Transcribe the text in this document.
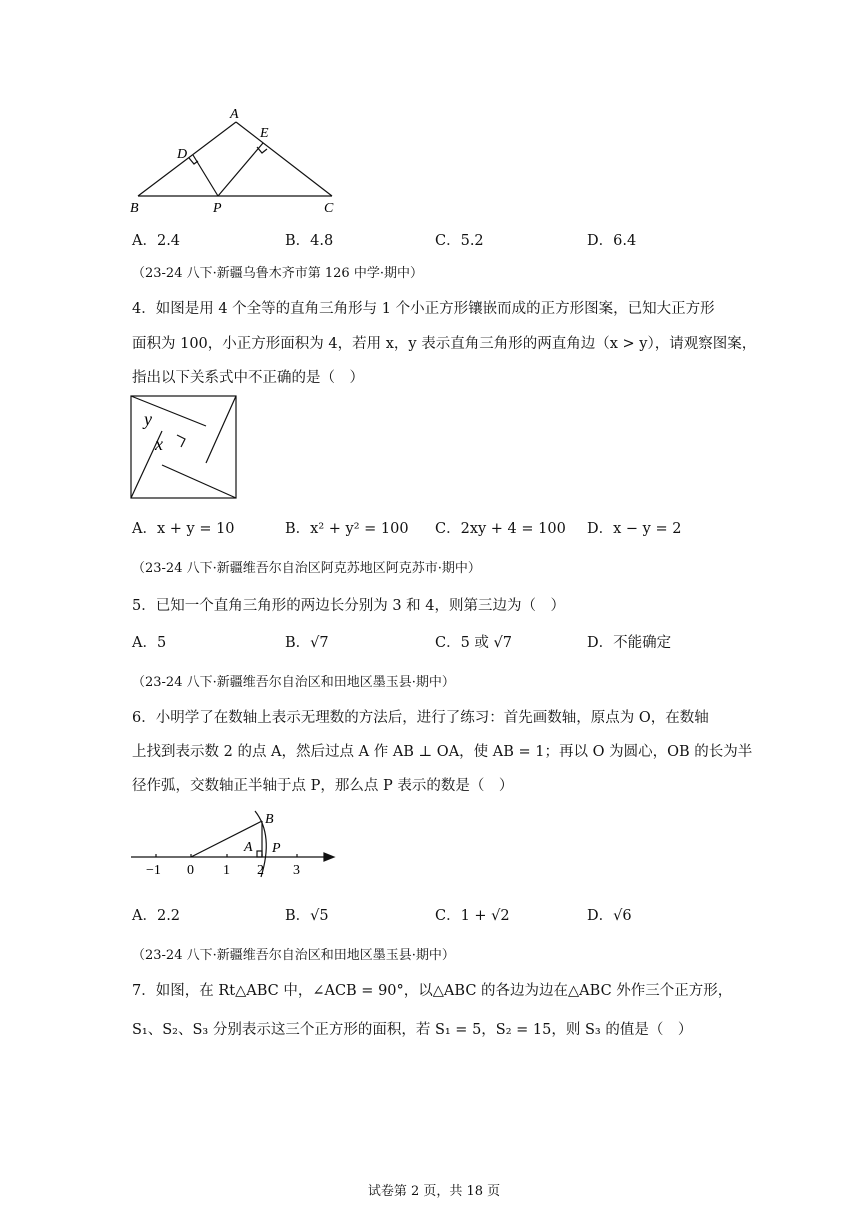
A
E
D
B	P	C
A．2.4	B．4.8	C．5.2	D．6.4
（23-24 八下·新疆乌鲁木齐市第 126 中学·期中）
4．如图是用 4 个全等的直角三角形与 1 个小正方形镶嵌而成的正方形图案，已知大正方形
面积为 100，小正方形面积为 4，若用 x，y 表示直角三角形的两直角边（x > y），请观察图案，
指出以下关系式中不正确的是（　）
y
x
A．x + y = 10	B．x² + y² = 100 C．2xy + 4 = 100 D．x − y = 2
（23-24 八下·新疆维吾尔自治区阿克苏地区阿克苏市·期中）
5．已知一个直角三角形的两边长分别为 3 和 4，则第三边为（　）
A．5	B．√7	C．5 或 √7	D．不能确定
（23-24 八下·新疆维吾尔自治区和田地区墨玉县·期中）
6．小明学了在数轴上表示无理数的方法后，进行了练习：首先画数轴，原点为 O，在数轴
上找到表示数 2 的点 A，然后过点 A 作 AB ⊥ OA，使 AB = 1；再以 O 为圆心，OB 的长为半
径作弧，交数轴正半轴于点 P，那么点 P 表示的数是（　）
B
A P
−1 0 1 2 3
A．2.2	B．√5	C．1 + √2	D．√6
（23-24 八下·新疆维吾尔自治区和田地区墨玉县·期中）
7．如图，在 Rt△ABC 中，∠ACB = 90°，以△ABC 的各边为边在△ABC 外作三个正方形，
S₁、S₂、S₃ 分别表示这三个正方形的面积，若 S₁ = 5，S₂ = 15，则 S₃ 的值是（　）
试卷第 2 页，共 18 页
